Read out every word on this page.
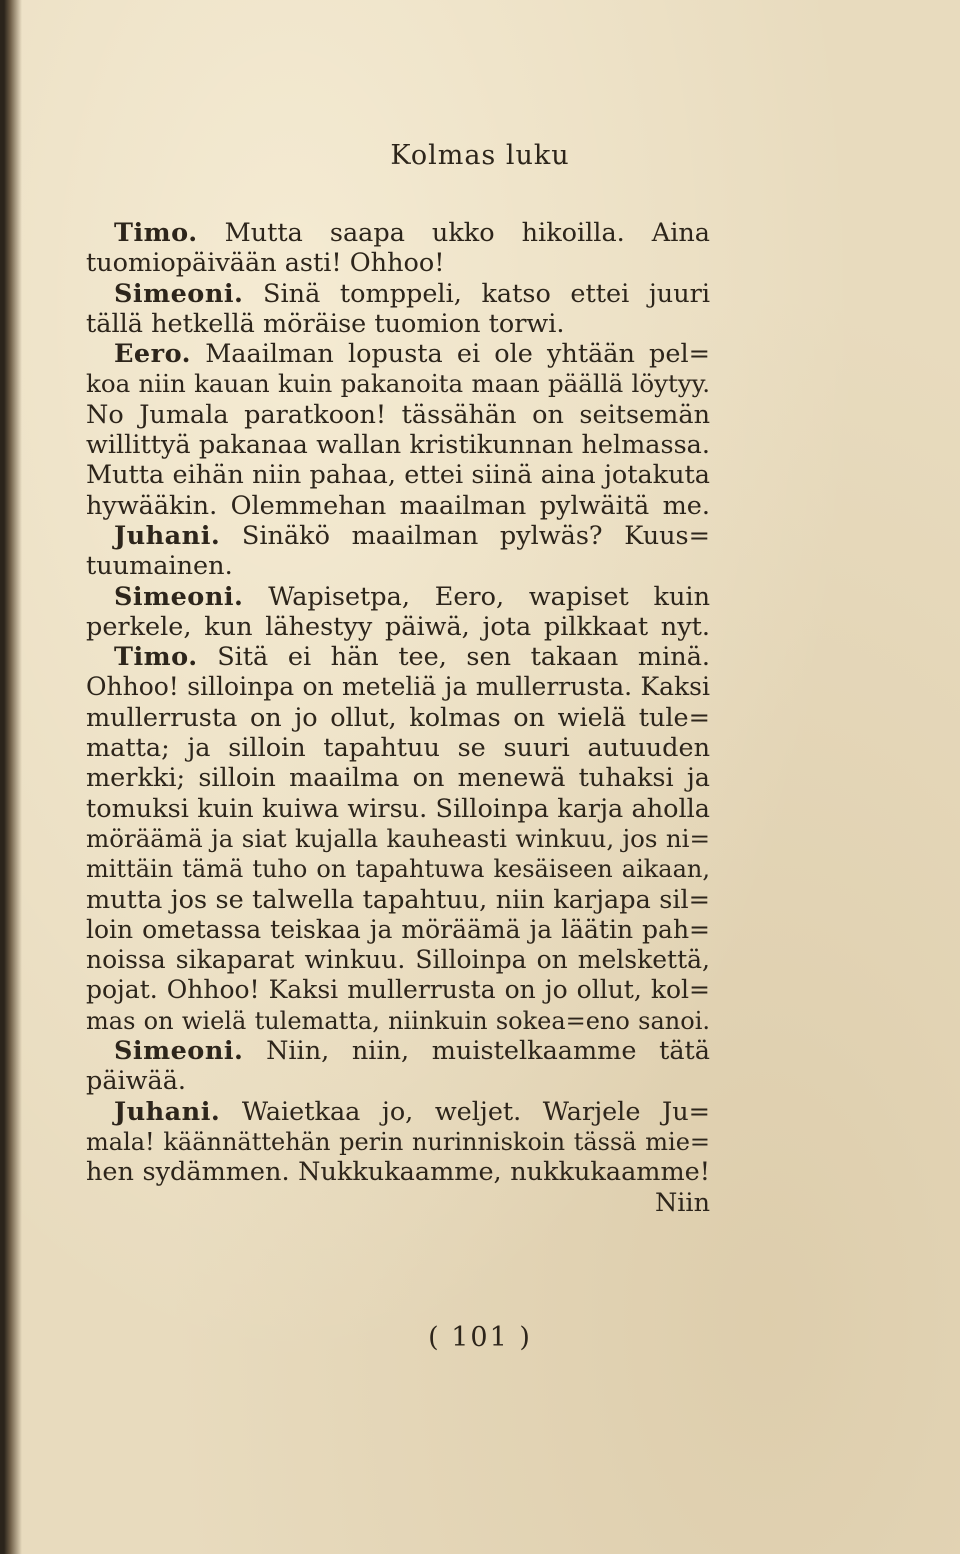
Kolmas luku
Timo. Mutta saapa ukko hikoilla. Aina
tuomiopäivään asti! Ohhoo!
Simeoni. Sinä tomppeli, katso ettei juuri
tällä hetkellä möräise tuomion torwi.
Eero. Maailman lopusta ei ole yhtään pel=
koa niin kauan kuin pakanoita maan päällä löytyy.
No Jumala paratkoon! tässähän on seitsemän
willittyä pakanaa wallan kristikunnan helmassa.
Mutta eihän niin pahaa, ettei siinä aina jotakuta
hywääkin. Olemmehan maailman pylwäitä me.
Juhani. Sinäkö maailman pylwäs? Kuus=
tuumainen.
Simeoni. Wapisetpa, Eero, wapiset kuin
perkele, kun lähestyy päiwä, jota pilkkaat nyt.
Timo. Sitä ei hän tee, sen takaan minä.
Ohhoo! silloinpa on meteliä ja mullerrusta. Kaksi
mullerrusta on jo ollut, kolmas on wielä tule=
matta; ja silloin tapahtuu se suuri autuuden
merkki; silloin maailma on menewä tuhaksi ja
tomuksi kuin kuiwa wirsu. Silloinpa karja aholla
möräämä ja siat kujalla kauheasti winkuu, jos ni=
mittäin tämä tuho on tapahtuwa kesäiseen aikaan,
mutta jos se talwella tapahtuu, niin karjapa sil=
loin ometassa teiskaa ja möräämä ja läätin pah=
noissa sikaparat winkuu. Silloinpa on melskettä,
pojat. Ohhoo! Kaksi mullerrusta on jo ollut, kol=
mas on wielä tulematta, niinkuin sokea=eno sanoi.
Simeoni. Niin, niin, muistelkaamme tätä
päiwää.
Juhani. Waietkaa jo, weljet. Warjele Ju=
mala! käännättehän perin nurinniskoin tässä mie=
hen sydämmen. Nukkukaamme, nukkukaamme!
Niin
( 101 )
